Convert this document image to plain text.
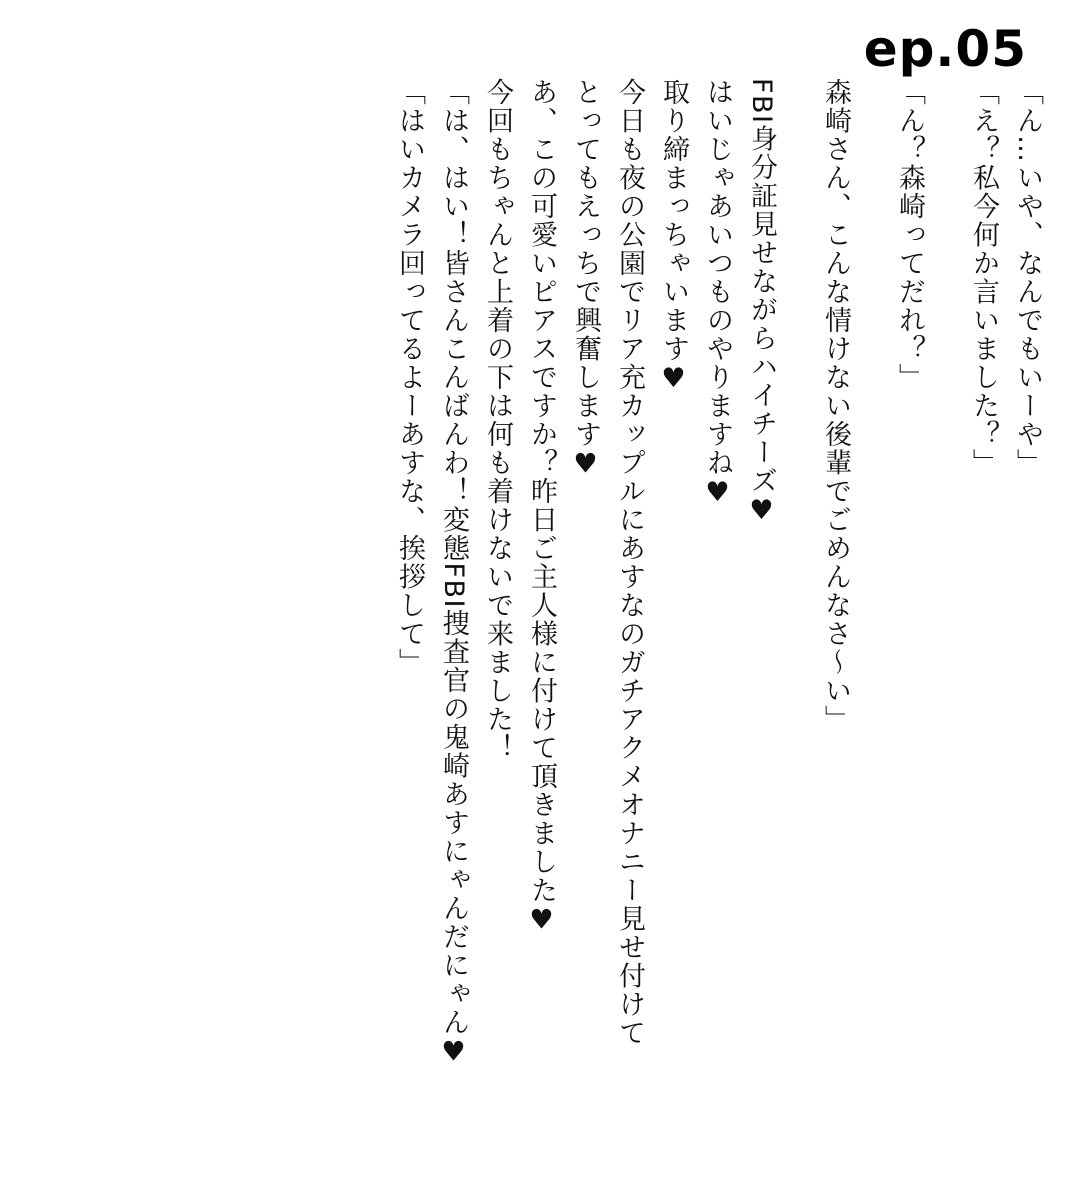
ep.05
「はいカメラ回ってるよーあすな、挨拶して」 「は、はい！皆さんこんばんわ！変態FBI捜査官の鬼崎あすにゃんだにゃん♥ 今回もちゃんと上着の下は何も着けないで来ました！ あ、この可愛いピアスですか？昨日ご主人様に付けて頂きました♥ とってもえっちで興奮します♥ 今日も夜の公園でリア充カップルにあすなのガチアクメオナニー見せ付けて 取り締まっちゃいます♥ はいじゃあいつものやりますね♥ FBI身分証見せながらハイチーズ♥ 森崎さん、こんな情けない後輩でごめんなさ～い」 「ん？森崎ってだれ？」 「え？私今何か言いました？」 「ん…いや、なんでもいーや」
